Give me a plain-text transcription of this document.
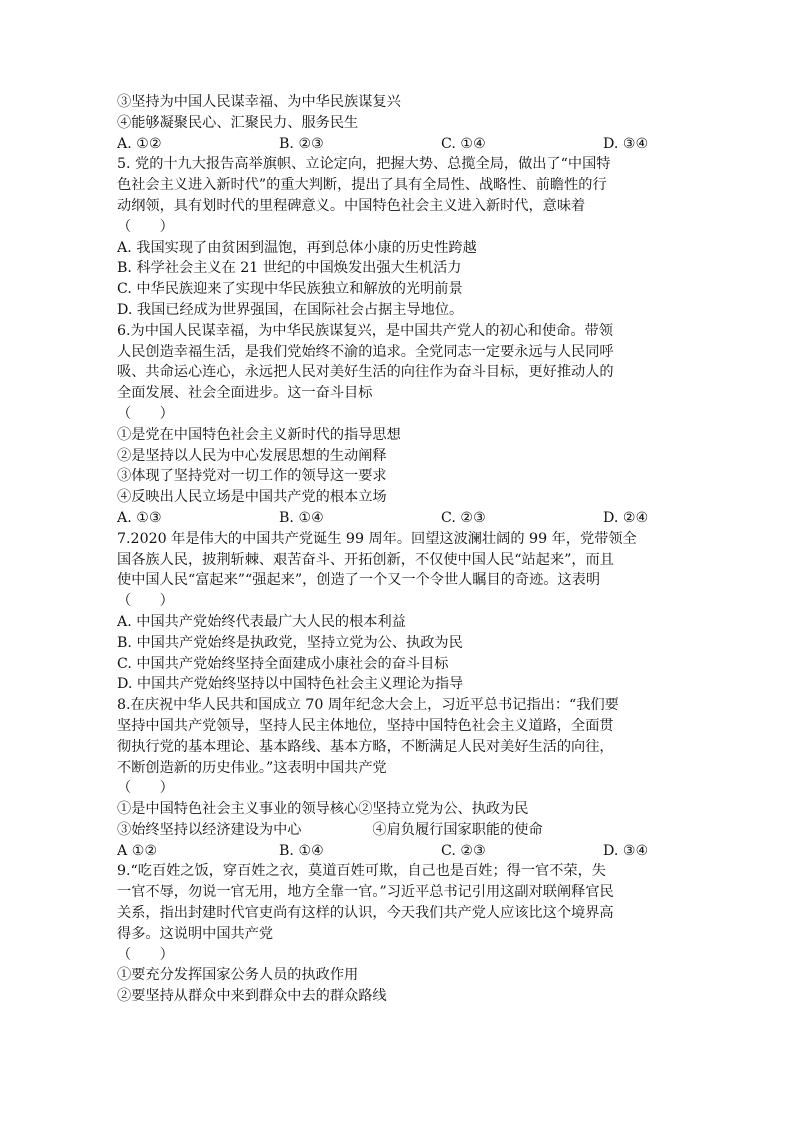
③坚持为中国人民谋幸福、为中华民族谋复兴
④能够凝聚民心、汇聚民力、服务民生
A. ①②	B. ②③	C. ①④	D. ③④
5. 党的十九大报告高举旗帜、立论定向，把握大势、总揽全局，做出了“中国特
色社会主义进入新时代”的重大判断，提出了具有全局性、战略性、前瞻性的行
动纲领，具有划时代的里程碑意义。中国特色社会主义进入新时代，意味着
（　　）
A. 我国实现了由贫困到温饱，再到总体小康的历史性跨越
B. 科学社会主义在 21 世纪的中国焕发出强大生机活力
C. 中华民族迎来了实现中华民族独立和解放的光明前景
D. 我国已经成为世界强国，在国际社会占据主导地位。
6.为中国人民谋幸福，为中华民族谋复兴，是中国共产党人的初心和使命。带领
人民创造幸福生活，是我们党始终不渝的追求。全党同志一定要永远与人民同呼
吸、共命运心连心，永远把人民对美好生活的向往作为奋斗目标，更好推动人的
全面发展、社会全面进步。这一奋斗目标
（　　）
①是党在中国特色社会主义新时代的指导思想
②是坚持以人民为中心发展思想的生动阐释
③体现了坚持党对一切工作的领导这一要求
④反映出人民立场是中国共产党的根本立场
A. ①③	B. ①④	C. ②③	D. ②④
7.2020 年是伟大的中国共产党诞生 99 周年。回望这波澜壮阔的 99 年，党带领全
国各族人民，披荆斩棘、艰苦奋斗、开拓创新，不仅使中国人民“站起来”，而且
使中国人民“富起来”“强起来”，创造了一个又一个令世人瞩目的奇迹。这表明
（　　）
A. 中国共产党始终代表最广大人民的根本利益
B. 中国共产党始终是执政党，坚持立党为公、执政为民
C. 中国共产党始终坚持全面建成小康社会的奋斗目标
D. 中国共产党始终坚持以中国特色社会主义理论为指导
8.在庆祝中华人民共和国成立 70 周年纪念大会上，习近平总书记指出：“我们要
坚持中国共产党领导，坚持人民主体地位，坚持中国特色社会主义道路，全面贯
彻执行党的基本理论、基本路线、基本方略，不断满足人民对美好生活的向往，
不断创造新的历史伟业。”这表明中国共产党
（　　）
①是中国特色社会主义事业的领导核心②坚持立党为公、执政为民
③始终坚持以经济建设为中心　　　　　④肩负履行国家职能的使命
A ①②	B. ①④	C. ②③	D. ③④
9.“吃百姓之饭，穿百姓之衣，莫道百姓可欺，自己也是百姓；得一官不荣，失
一官不辱，勿说一官无用，地方全靠一官。”习近平总书记引用这副对联阐释官民
关系，指出封建时代官吏尚有这样的认识，今天我们共产党人应该比这个境界高
得多。这说明中国共产党
（　　）
①要充分发挥国家公务人员的执政作用
②要坚持从群众中来到群众中去的群众路线
